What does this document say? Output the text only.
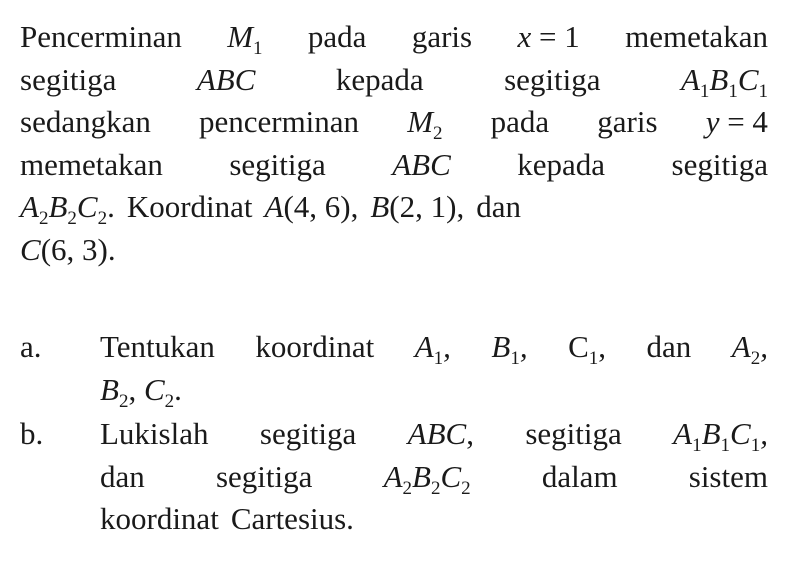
Pencerminan $M_1$ pada garis x = 1 memetakan
segitiga	ABC	kepada	segitiga	$A_1B_1C_1$
sedangkan pencerminan $M_2$ pada garis y = 4
memetakan segitiga ABC kepada segitiga
$A_2B_2C_2$. Koordinat A(4, 6), B(2, 1), dan
C(6, 3).
a. Tentukan koordinat $A_1$, $B_1$, $C_1$, dan $A_2$,
$B_2$, $C_2$.
b. Lukislah segitiga ABC, segitiga $A_1B_1C_1$,
dan segitiga $A_2B_2C_2$ dalam sistem
koordinat Cartesius.
